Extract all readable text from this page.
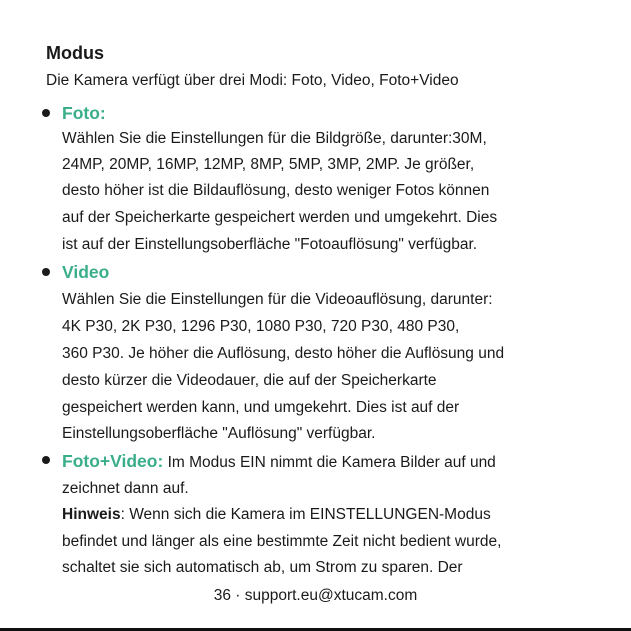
Modus

Die Kamera verfügt über drei Modi: Foto, Video, Foto+Video

Foto:
Wählen Sie die Einstellungen für die Bildgröße, darunter:30M,
24MP, 20MP, 16MP, 12MP, 8MP, 5MP, 3MP, 2MP. Je größer,
desto höher ist die Bildauflösung, desto weniger Fotos können
auf der Speicherkarte gespeichert werden und umgekehrt. Dies
ist auf der Einstellungsoberfläche "Fotoauflösung" verfügbar.
Video
Wählen Sie die Einstellungen für die Videoauflösung, darunter:
4K P30, 2K P30, 1296 P30, 1080 P30, 720 P30, 480 P30,
360 P30. Je höher die Auflösung, desto höher die Auflösung und
desto kürzer die Videodauer, die auf der Speicherkarte
gespeichert werden kann, und umgekehrt. Dies ist auf der
Einstellungsoberfläche "Auflösung" verfügbar.
Foto+Video: Im Modus EIN nimmt die Kamera Bilder auf und
zeichnet dann auf.
Hinweis: Wenn sich die Kamera im EINSTELLUNGEN-Modus
befindet und länger als eine bestimmte Zeit nicht bedient wurde,
schaltet sie sich automatisch ab, um Strom zu sparen. Der
36 · support.eu@xtucam.com
